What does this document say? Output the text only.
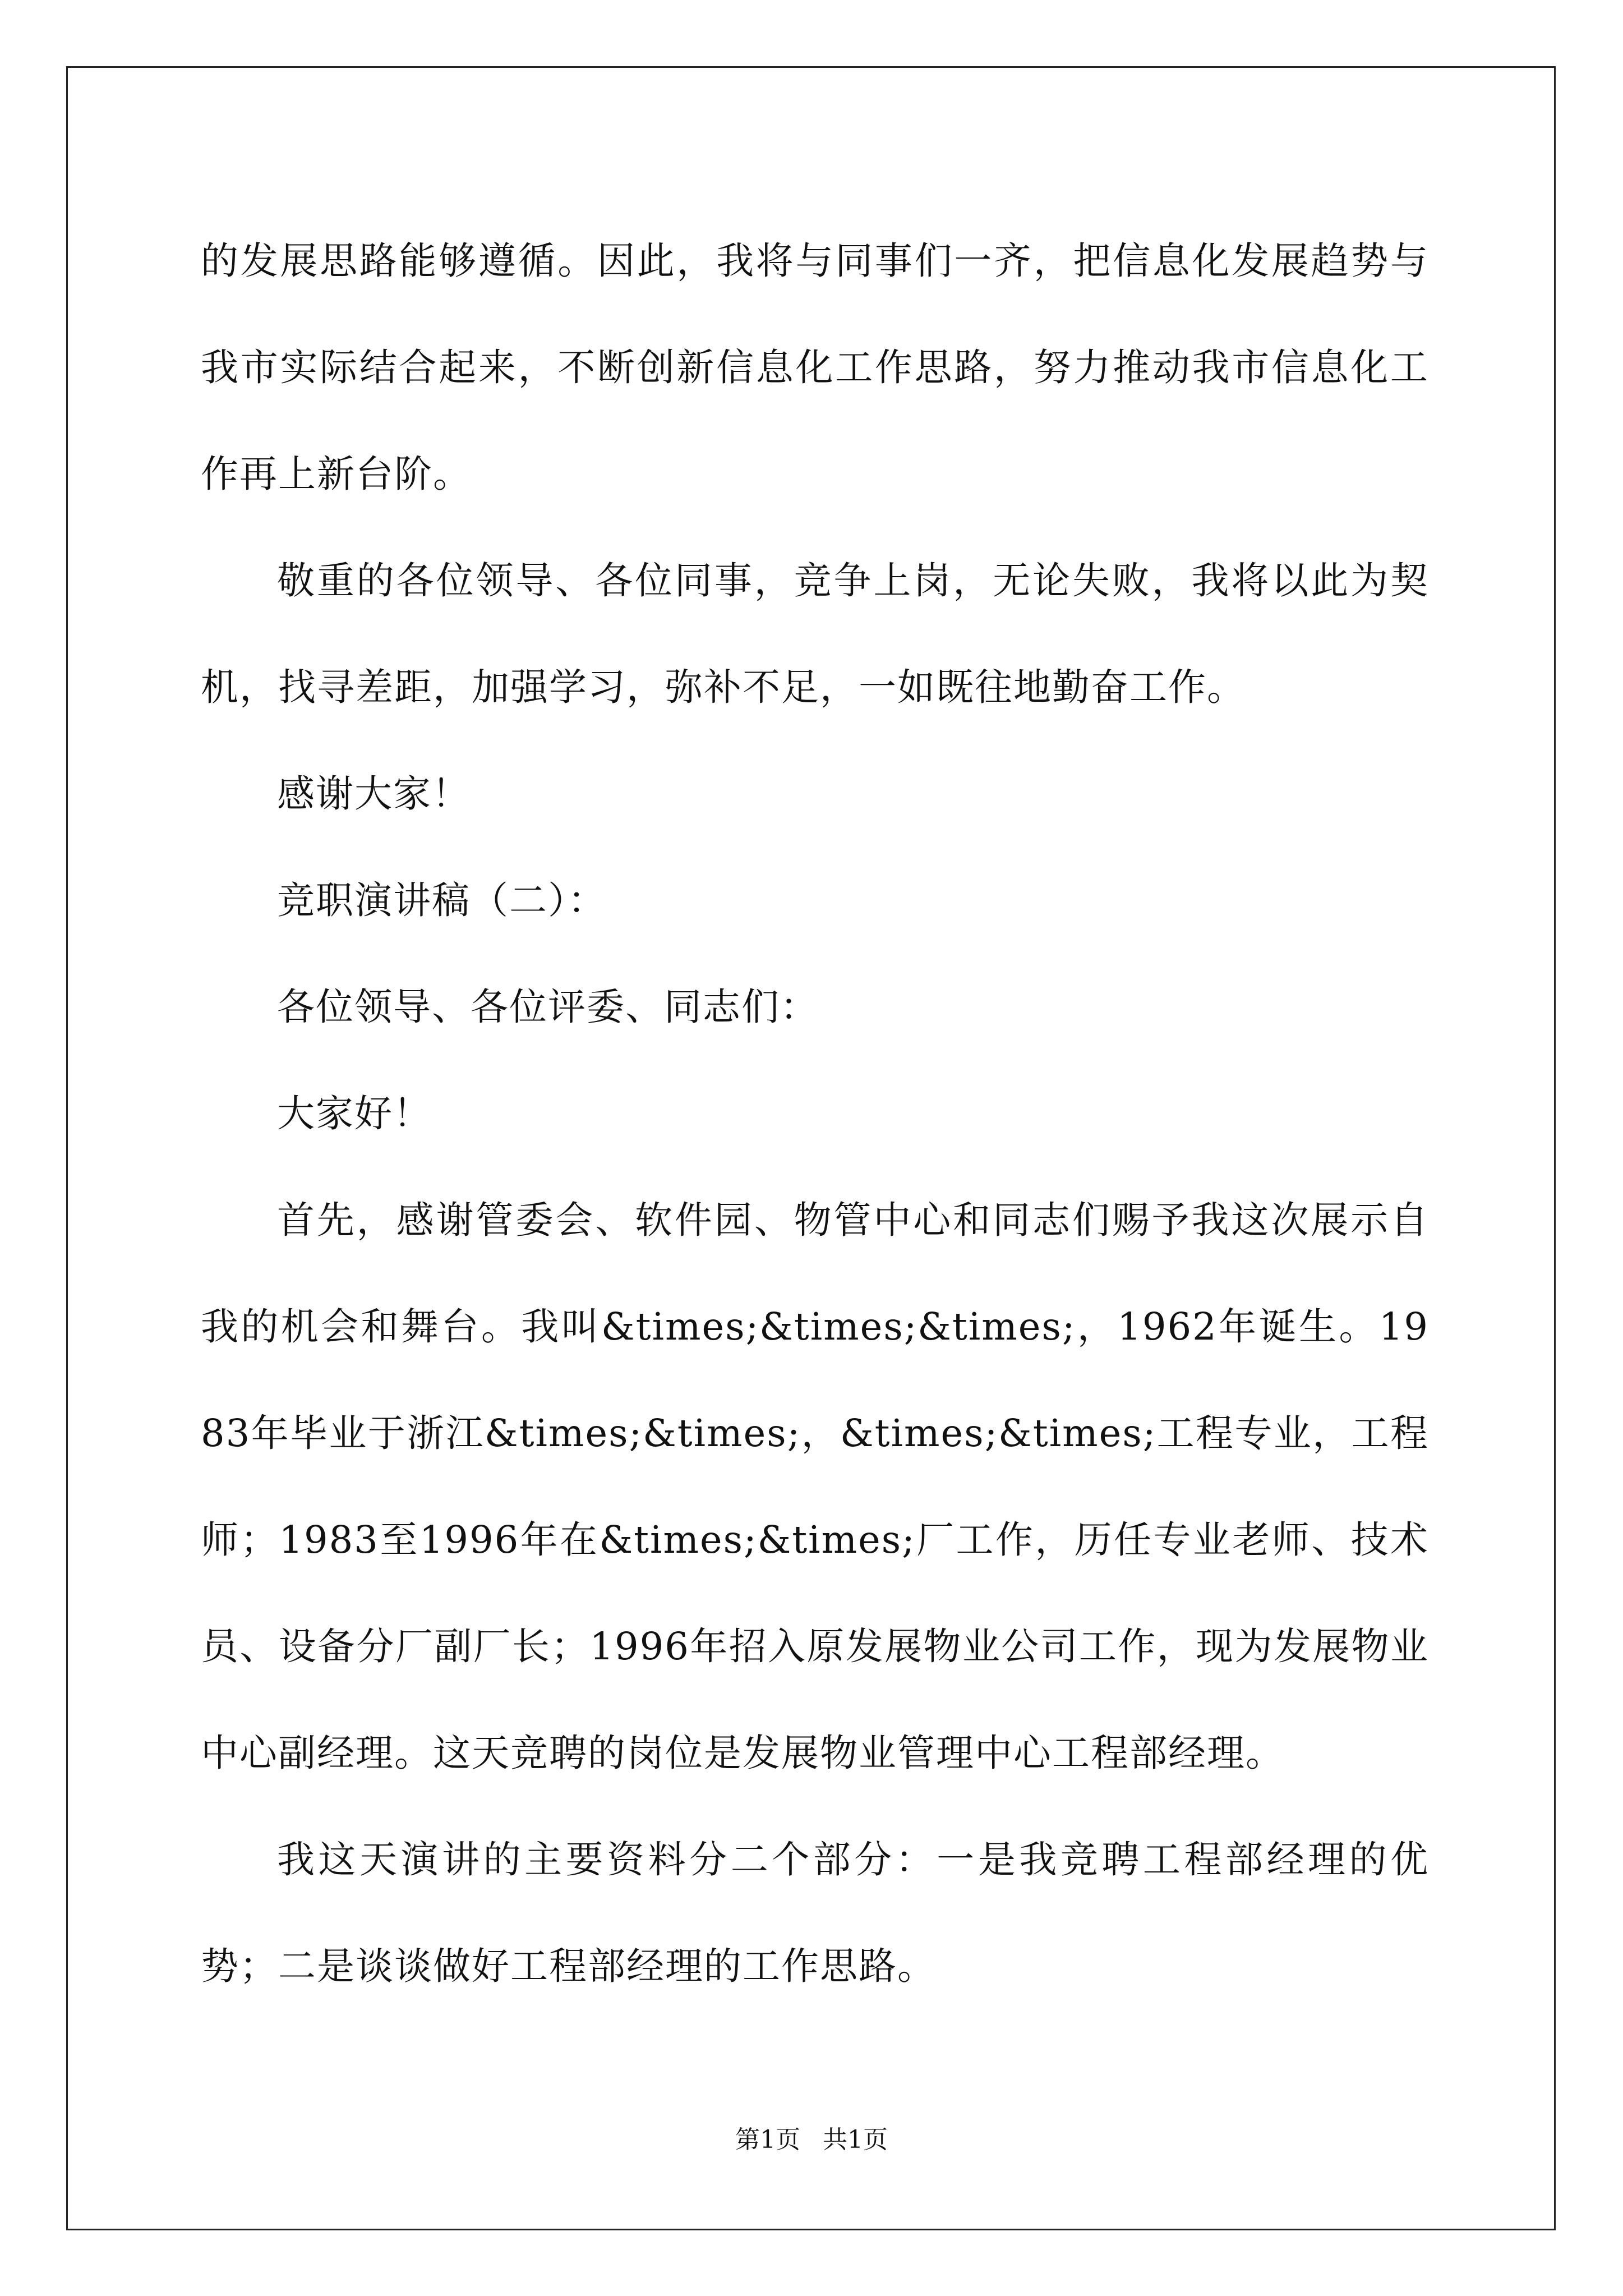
的发展思路能够遵循。因此，我将与同事们一齐，把信息化发展趋势与我市实际结合起来，不断创新信息化工作思路，努力推动我市信息化工作再上新台阶。

敬重的各位领导、各位同事，竞争上岗，无论失败，我将以此为契机，找寻差距，加强学习，弥补不足，一如既往地勤奋工作。

感谢大家！

竞职演讲稿（二）：

各位领导、各位评委、同志们：

大家好！

首先，感谢管委会、软件园、物管中心和同志们赐予我这次展示自我的机会和舞台。我叫&times;&times;&times;，1962年诞生。1983年毕业于浙江&times;&times;，&times;&times;工程专业，工程师；1983至1996年在&times;&times;厂工作，历任专业老师、技术员、设备分厂副厂长；1996年招入原发展物业公司工作，现为发展物业中心副经理。这天竞聘的岗位是发展物业管理中心工程部经理。

我这天演讲的主要资料分二个部分：一是我竞聘工程部经理的优势；二是谈谈做好工程部经理的工作思路。

第1页 共1页
